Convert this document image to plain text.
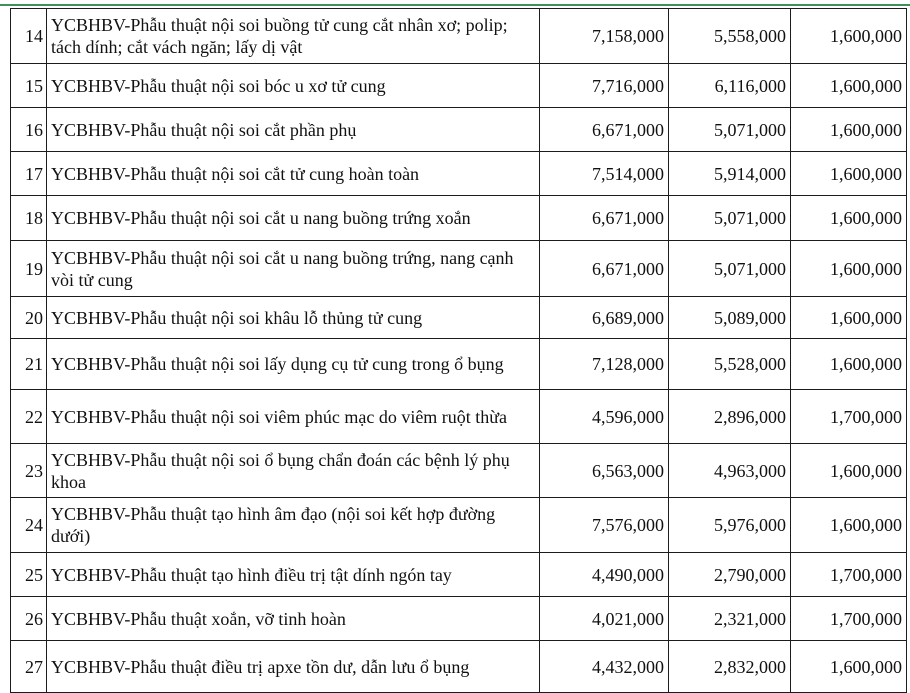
14	YCBHBV-Phẫu thuật nội soi buồng tử cung cắt nhân xơ; polip; tách dính; cắt vách ngăn; lấy dị vật	7,158,000	5,558,000	1,600,000
15	YCBHBV-Phẫu thuật nội soi bóc u xơ tử cung	7,716,000	6,116,000	1,600,000
16	YCBHBV-Phẫu thuật nội soi cắt phần phụ	6,671,000	5,071,000	1,600,000
17	YCBHBV-Phẫu thuật nội soi cắt tử cung hoàn toàn	7,514,000	5,914,000	1,600,000
18	YCBHBV-Phẫu thuật nội soi cắt u nang buồng trứng xoắn	6,671,000	5,071,000	1,600,000
19	YCBHBV-Phẫu thuật nội soi cắt u nang buồng trứng, nang cạnh vòi tử cung	6,671,000	5,071,000	1,600,000
20	YCBHBV-Phẫu thuật nội soi khâu lỗ thủng tử cung	6,689,000	5,089,000	1,600,000
21	YCBHBV-Phẫu thuật nội soi lấy dụng cụ tử cung trong ổ bụng	7,128,000	5,528,000	1,600,000
22	YCBHBV-Phẫu thuật nội soi viêm phúc mạc do viêm ruột thừa	4,596,000	2,896,000	1,700,000
23	YCBHBV-Phẫu thuật nội soi ổ bụng chẩn đoán các bệnh lý phụ khoa	6,563,000	4,963,000	1,600,000
24	YCBHBV-Phẫu thuật tạo hình âm đạo (nội soi kết hợp đường dưới)	7,576,000	5,976,000	1,600,000
25	YCBHBV-Phẫu thuật tạo hình điều trị tật dính ngón tay	4,490,000	2,790,000	1,700,000
26	YCBHBV-Phẫu thuật xoắn, vỡ tinh hoàn	4,021,000	2,321,000	1,700,000
27	YCBHBV-Phẫu thuật điều trị apxe tồn dư, dẫn lưu ổ bụng	4,432,000	2,832,000	1,600,000
